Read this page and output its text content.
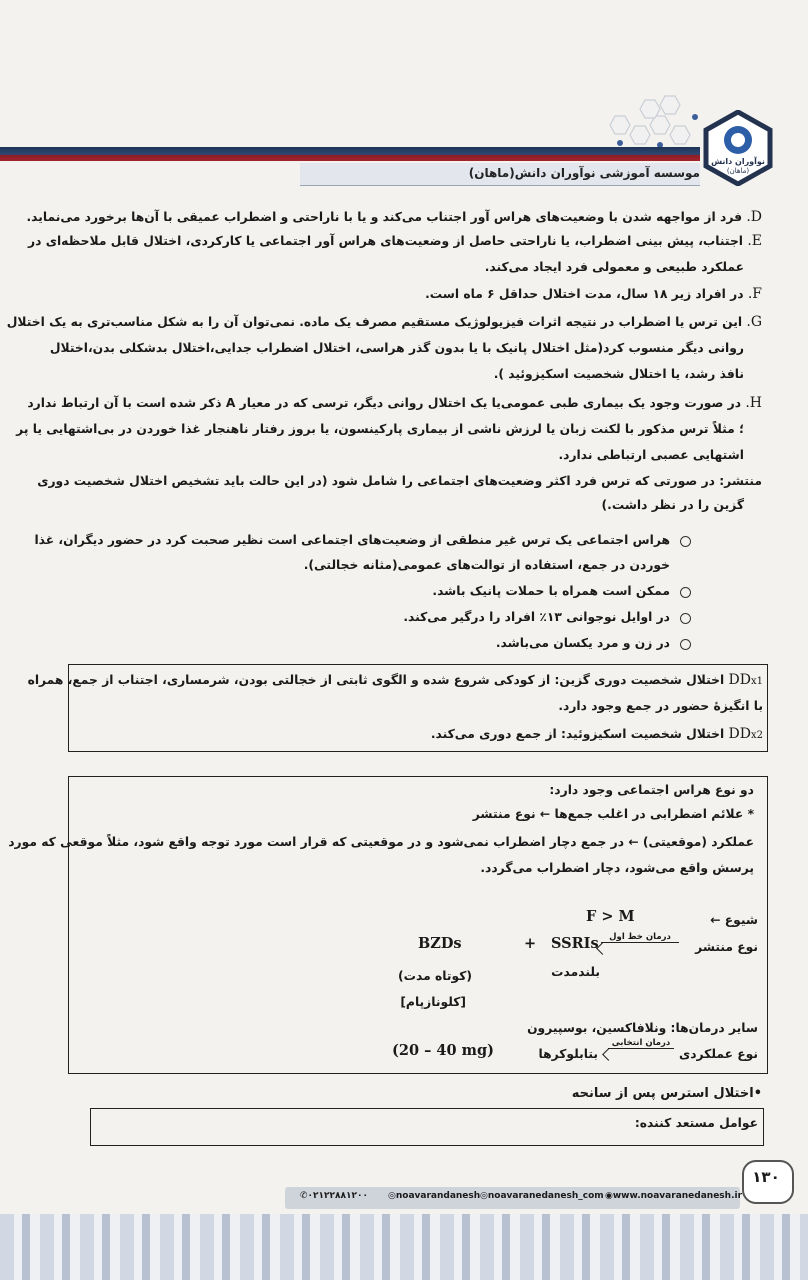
موسسه آموزشی نوآوران دانش(ماهان)
نوآوران دانش
(ماهان)
D. فرد از مواجهه شدن با وضعیت‌های هراس آور اجتناب می‌کند و یا با ناراحتی و اضطراب عمیقی با آن‌ها برخورد می‌نماید.
E. اجتناب، پیش بینی اضطراب، یا ناراحتی حاصل از وضعیت‌های هراس آور اجتماعی یا کارکردی، اختلال قابل ملاحظه‌ای در
عملکرد طبیعی و معمولی فرد ایجاد می‌کند.
F. در افراد زیر ۱۸ سال، مدت اختلال حداقل ۶ ماه است.
G. این ترس یا اضطراب در نتیجه اثرات فیزیولوژیک مستقیم مصرف یک ماده. نمی‌توان آن را به شکل مناسب‌تری به یک اختلال
روانی دیگر منسوب کرد(مثل اختلال پانیک با یا بدون گذر هراسی، اختلال اضطراب جدایی،اختلال بدشکلی بدن،اختلال
نافذ رشد، یا اختلال شخصیت اسکیزوئید ).
H. در صورت وجود یک بیماری طبی عمومی‌یا یک اختلال روانی دیگر، ترسی که در معیار A ذکر شده است با آن ارتباط ندارد
؛ مثلاً ترس مذکور با لکنت زبان یا لرزش ناشی از بیماری پارکینسون، یا بروز رفتار ناهنجار غذا خوردن در بی‌اشتهایی یا پر
اشتهایی عصبی ارتباطی ندارد.
منتشر: در صورتی که ترس فرد اکثر وضعیت‌های اجتماعی را شامل شود (در این حالت باید تشخیص اختلال شخصیت دوری
گزین را در نظر داشت.)
هراس اجتماعی یک ترس غیر منطقی از وضعیت‌های اجتماعی است نظیر صحبت کرد در حضور دیگران، غذا
خوردن در جمع، استفاده از توالت‌های عمومی(مثانه خجالتی).
ممکن است همراه با حملات پانیک باشد.
در اوایل نوجوانی ۱۳٪ افراد را درگیر می‌کند.
در زن و مرد یکسان می‌باشد.
DDx1 اختلال شخصیت دوری گزین: از کودکی شروع شده و الگوی ثابتی از خجالتی بودن، شرمساری، اجتناب از جمع، همراه
با انگیزهٔ حضور در جمع وجود دارد.
DDx2 اختلال شخصیت اسکیزوئید: از جمع دوری می‌کند.
دو نوع هراس اجتماعی وجود دارد:
* علائم اضطرابی در اغلب جمع‌ها ← نوع منتشر
عملکرد (موقعیتی) ← در جمع دچار اضطراب نمی‌شود و در موقعیتی که قرار است مورد توجه واقع شود، مثلاً موقعی که مورد
پرسش واقع می‌شود، دچار اضطراب می‌گردد.
شیوع ←
F > M
نوع منتشر
درمان خط اول
SSRIs
+
BZDs
بلندمدت
(کوتاه مدت)
[کلونازپام]
سایر درمان‌ها: ونلافاکسین، بوسپیرون
نوع عملکردی
درمان انتخابی
بتابلوکرها
(20 – 40 mg)
•اختلال استرس پس از سانحه
عوامل مستعد کننده:
۱۳۰
✆۰۲۱۲۲۸۸۱۲۰۰ ◎noavarandanesh ◎noavaranedanesh_com ◉www.noavaranedanesh.ir
